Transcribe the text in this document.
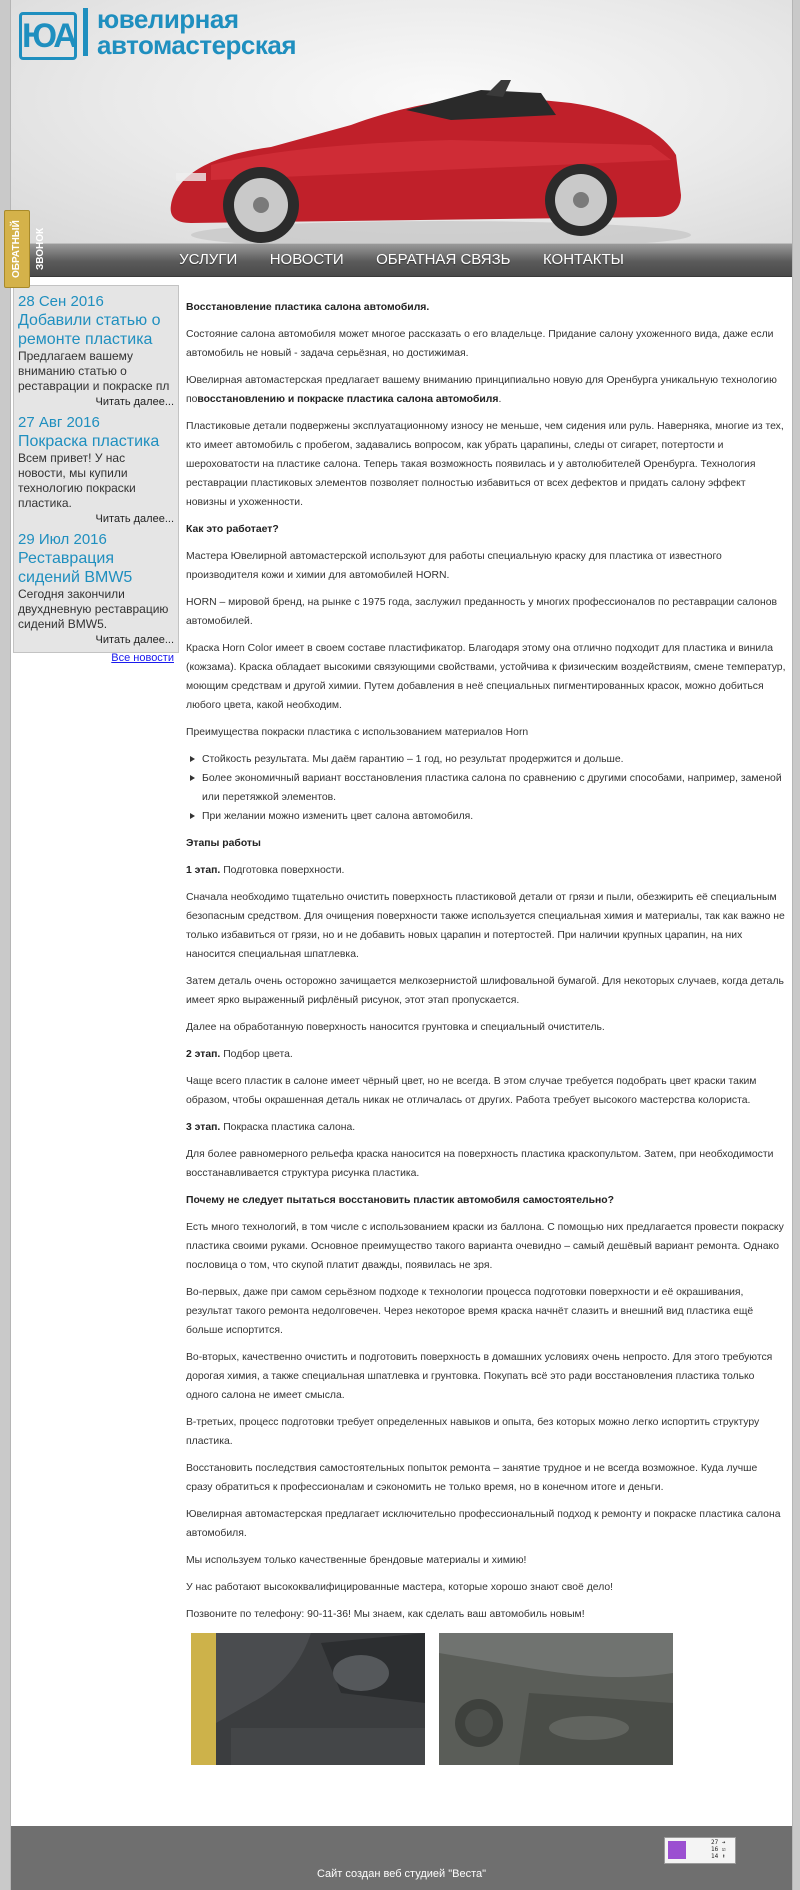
ЮА ювелирная
автомастерская
УСЛУГИ НОВОСТИ ОБРАТНАЯ СВЯЗЬ КОНТАКТЫ
28 Сен 2016
Добавили статью о ремонте пластика
Предлагаем вашему вниманию статью о реставрации и покраске пл
Читать далее...
27 Авг 2016
Покраска пластика
Всем привет! У нас новости, мы купили технологию покраски пластика.
Читать далее...
29 Июл 2016
Реставрация сидений BMW5
Сегодня закончили двухдневную реставрацию сидений BMW5.
Читать далее...
Все новости

Восстановление пластика салона автомобиля.

Состояние салона автомобиля может многое рассказать о его владельце. Придание салону ухоженного вида, даже если автомобиль не новый - задача серьёзная, но достижимая.

Ювелирная автомастерская предлагает вашему вниманию принципиально новую для Оренбурга уникальную технологию повосстановлению и покраске пластика салона автомобиля.

Пластиковые детали подвержены эксплуатационному износу не меньше, чем сидения или руль. Наверняка, многие из тех, кто имеет автомобиль с пробегом, задавались вопросом, как убрать царапины, следы от сигарет, потертости и шероховатости на пластике салона. Теперь такая возможность появилась и у автолюбителей Оренбурга. Технология реставрации пластиковых элементов позволяет полностью избавиться от всех дефектов и придать салону эффект новизны и ухоженности.

Как это работает?

Мастера Ювелирной автомастерской используют для работы специальную краску для пластика от известного производителя кожи и химии для автомобилей HORN.

HORN – мировой бренд, на рынке с 1975 года, заслужил преданность у многих профессионалов по реставрации салонов автомобилей.

Краска Horn Color имеет в своем составе пластификатор. Благодаря этому она отлично подходит для пластика и винила (кожзама). Краска обладает высокими связующими свойствами, устойчива к физическим воздействиям, смене температур, моющим средствам и другой химии. Путем добавления в неё специальных пигментированных красок, можно добиться любого цвета, какой необходим.

Преимущества покраски пластика с использованием материалов Horn

Стойкость результата. Мы даём гарантию – 1 год, но результат продержится и дольше.
Более экономичный вариант восстановления пластика салона по сравнению с другими способами, например, заменой или перетяжкой элементов.
При желании можно изменить цвет салона автомобиля.

Этапы работы

1 этап. Подготовка поверхности.

Сначала необходимо тщательно очистить поверхность пластиковой детали от грязи и пыли, обезжирить её специальным безопасным средством. Для очищения поверхности также используется специальная химия и материалы, так как важно не только избавиться от грязи, но и не добавить новых царапин и потертостей. При наличии крупных царапин, на них наносится специальная шпатлевка.

Затем деталь очень осторожно зачищается мелкозернистой шлифовальной бумагой. Для некоторых случаев, когда деталь имеет ярко выраженный рифлёный рисунок, этот этап пропускается.

Далее на обработанную поверхность наносится грунтовка и специальный очиститель.

2 этап. Подбор цвета.

Чаще всего пластик в салоне имеет чёрный цвет, но не всегда. В этом случае требуется подобрать цвет краски таким образом, чтобы окрашенная деталь никак не отличалась от других. Работа требует высокого мастерства колориста.

3 этап. Покраска пластика салона.

Для более равномерного рельефа краска наносится на поверхность пластика краскопультом. Затем, при необходимости восстанавливается структура рисунка пластика.

Почему не следует пытаться восстановить пластик автомобиля самостоятельно?

Есть много технологий, в том числе с использованием краски из баллона. С помощью них предлагается провести покраску пластика своими руками. Основное преимущество такого варианта очевидно – самый дешёвый вариант ремонта. Однако пословица о том, что скупой платит дважды, появилась не зря.

Во-первых, даже при самом серьёзном подходе к технологии процесса подготовки поверхности и её окрашивания, результат такого ремонта недолговечен. Через некоторое время краска начнёт слазить и внешний вид пластика ещё больше испортится.

Во-вторых, качественно очистить и подготовить поверхность в домашних условиях очень непросто. Для этого требуются дорогая химия, а также специальная шпатлевка и грунтовка. Покупать всё это ради восстановления пластика только одного салона не имеет смысла.

В-третьих, процесс подготовки требует определенных навыков и опыта, без которых можно легко испортить структуру пластика.

Восстановить последствия самостоятельных попыток ремонта – занятие трудное и не всегда возможное. Куда лучше сразу обратиться к профессионалам и сэкономить не только время, но в конечном итоге и деньги.

Ювелирная автомастерская предлагает исключительно профессиональный подход к ремонту и покраске пластика салона автомобиля.

Мы используем только качественные брендовые материалы и химию!

У нас работают высококвалифицированные мастера, которые хорошо знают своё дело!

Позвоните по телефону: 90-11-36! Мы знаем, как сделать ваш автомобиль новым!

27 ➔
16 ☑
14 ⬆
Сайт создан веб студией "Веста"
ОБРАТНЫЙ ЗВОНОК
